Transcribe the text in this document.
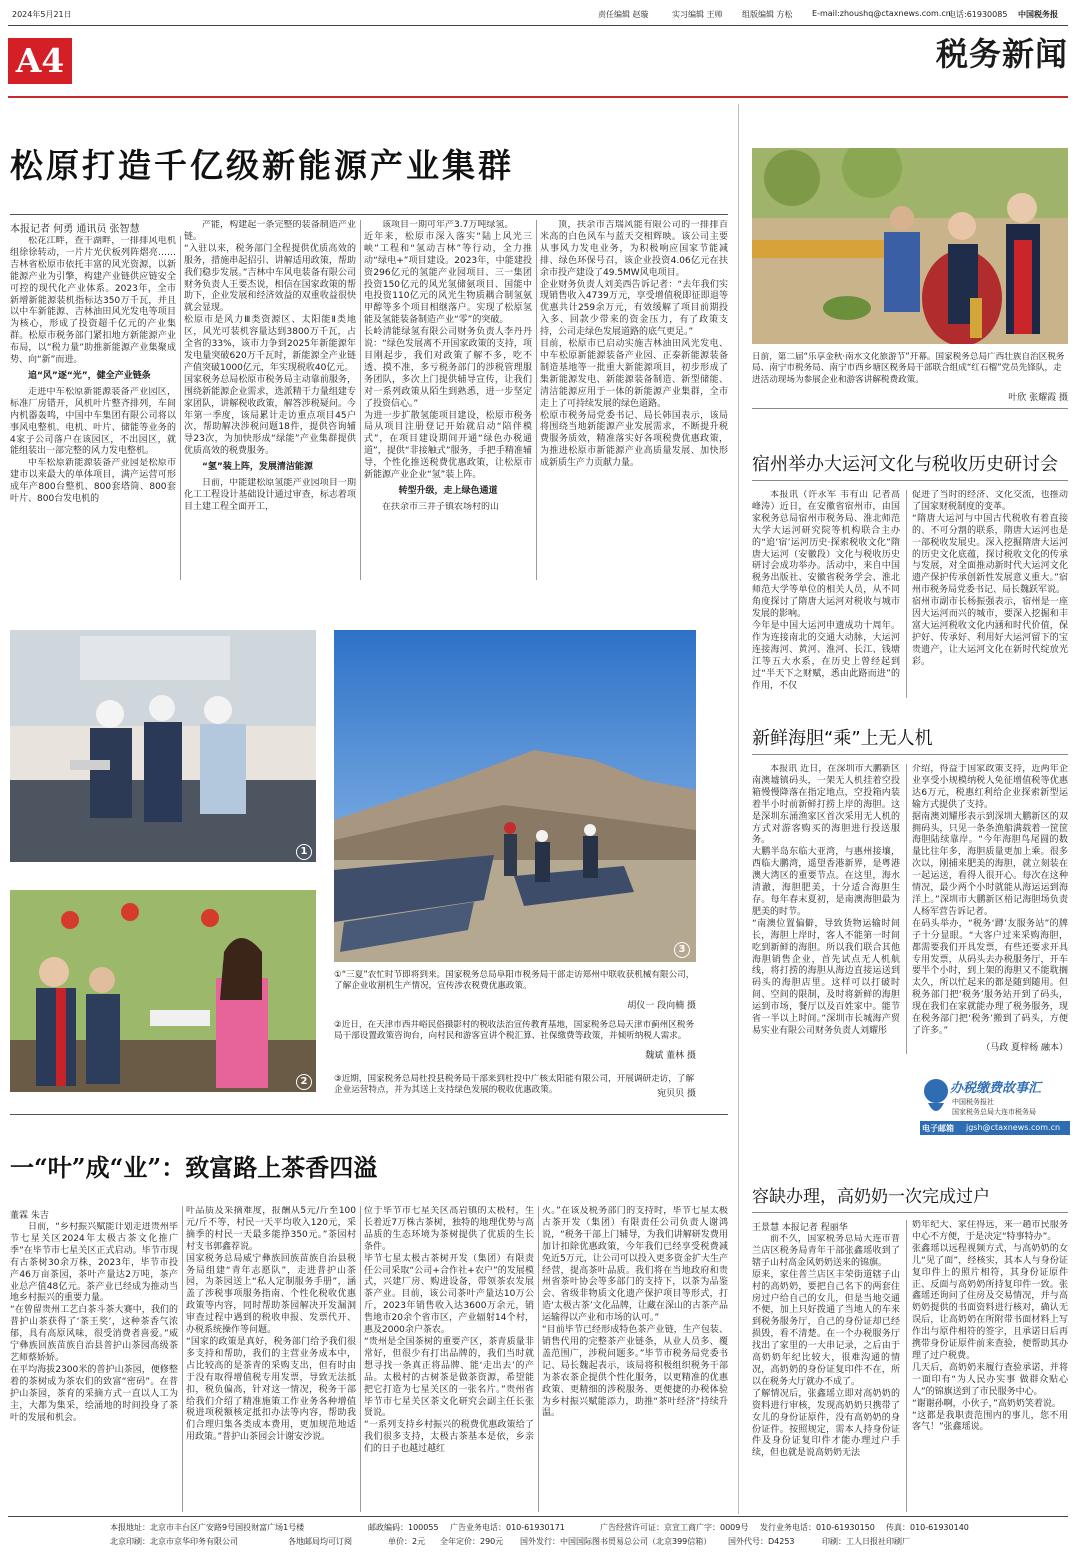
2024年5月21日	责任编辑 赵璇	实习编辑 王帅 组版编辑 方松 E-mail:zhoushq@ctaxnews.com.cn
电话:61930085 中国税务报
A4	税务新闻
松原打造千亿级新能源产业集群
本报记者 何勇 通讯员 张智慧
松花江畔，查干湖畔，一排排风电机组徐徐转动，一片片光伏板列阵熠亮……吉林省松原市依托丰富的风光资源，以新能源产业为引擎，构建产业链供应链安全可控的现代化产业体系。2023年，全市新增新能源装机指标达350万千瓦，并且以中车新能源、吉林油田风光发电等项目为核心，形成了投资超千亿元的产业集群。松原市税务部门紧扣地方新能源产业布局，以“税力量”助推新能源产业集聚成势、向“新”而进。
追“风”逐“光”，健全产业链条
走进中车松原新能源装备产业园区，标准厂房错开，风机叶片整齐排列，车间内机器轰鸣，中国中车集团有限公司将以事风电整机、电机、叶片、储能等业务的4家子公司落户在该园区，不出园区，就能组装出一部完整的风力发电整机。
中车松原新能源装备产业园是松原市建市以来最大的单体项目，满产运营可形成年产800台整机、800套塔筒、800套叶片、800台发电机的
产能，构建起一条完整的装备制造产业链。
“入驻以来，税务部门全程提供优质高效的服务，措施串起招引、讲解适用政策，帮助我们稳步发展。”吉林中车风电装备有限公司财务负责人王要杰说，相信在国家政策的帮助下，企业发展和经济效益的双重收益很快就会显现。
松原市是风力Ⅲ类资源区、太阳能Ⅱ类地区，风光可装机容量达到3800万千瓦，占全省的33%，该市力争到2025年新能源年发电量突破620万千瓦时，新能源全产业链产值突破1000亿元，年实现税收40亿元。
国家税务总局松原市税务局主动靠前服务，围绕新能源企业需求，选派精干力量组建专家团队，讲解税收政策，解答涉税疑问。今年第一季度，该局累计走访重点项目45户次，帮助解决涉税问题18件，提供咨询辅导23次，为加快形成“绿能”产业集群提供优质高效的税费服务。
“氢”装上阵，发展清洁能源
日前，中能建松原氢能产业园项目一期化工工程设计基础设计通过审查，标志着项目土建工程全面开工，
该项目一期可年产3.7万吨绿氢。
近年来，松原市深入落实“陆上风光三峡”工程和“氢动吉林”等行动，全力推动“绿电+”项目建设。2023年，中能建投资296亿元的氢能产业园项目、三一集团投资150亿元的风光氢储氨项目、国能中电投资110亿元的风光生物质耦合制氢氨甲醇等多个项目相继落户。实现了松原氢能及氢能装备制造产业“零”的突破。
长岭清能绿氢有限公司财务负责人李丹丹说：“绿色发展离不开国家政策的支持，项目刚起步，我们对政策了解不多，吃不透、摸不准，多亏税务部门的涉税管理服务团队，多次上门提供辅导宣传，让我们对一系列政策从陌生到熟悉，进一步坚定了投资信心。”
为进一步扩散氢能项目建设，松原市税务局从项目注册登记开始就启动“陪伴模式”，在项目建设期间开通“绿色办税通道”，提供“非接触式”服务，手把手精准辅导，个性化推送税费优惠政策，让松原市新能源产业企业“氢”装上阵。
转型升级，走上绿色通道
在扶余市三井子镇农场村的山
顶，扶余市吉瑞风能有限公司的一排排百米高的白色风车与蓝天交相辉映。该公司主要从事风力发电业务，为积极响应国家节能减排、绿色环保号召，该企业投资4.06亿元在扶余市投产建设了49.5MW风电项目。
企业财务负责人刘美西告诉记者：“去年我们实现销售收入4739万元，享受增值税即征即退等优惠共计259余万元，有效缓解了项目前期投入多、回款少带来的资金压力，有了政策支持，公司走绿色发展道路的底气更足。”
目前，松原市已启动实施吉林油田风光发电、中车松原新能源装备产业园、正泰新能源装备制造基地等一批重大新能源项目，初步形成了集新能源发电、新能源装备制造、新型储能、清洁能源应用于一体的新能源产业集群，全市走上了可持续发展的绿色道路。
松原市税务局党委书记、局长韩国表示，该局将围绕当地新能源产业发展需求，不断提升税费服务质效，精准落实好各项税费优惠政策，为推进松原市新能源产业高质量发展、加快形成新质生产力贡献力量。
日前，第二届“乐享金秋·南水文化旅游节”开幕。国家税务总局广西壮族自治区税务局、南宁市税务局、南宁市西乡塘区税务局干部联合组成“红石榴”党员先锋队，走进活动现场为参展企业和游客讲解税费政策。
叶欣 张耀霞 摄
宿州举办大运河文化与税收历史研讨会
本报讯（许永军 韦有山 记者高峰涛）近日，在安徽省宿州市，由国家税务总局宿州市税务局、淮北师范大学大运河研究院等机构联合主办的“追‘宿’运河历史·探索税收文化”隋唐大运河（安徽段）文化与税收历史研讨会成功举办。活动中，来自中国税务出版社、安徽省税务学会、淮北师范大学等单位的相关人员，从不同角度探讨了隋唐大运河对税收与城市发展的影响。
今年是中国大运河申遗成功十周年。作为连接南北的交通大动脉，大运河连接海河、黄河、淮河、长江、钱塘江等五大水系，在历史上曾经起到过“半天下之财赋，悉由此路而进”的作用，不仅
促进了当时的经济、文化交流，也推动了国家财税制度的变革。
“隋唐大运河与中国古代税收有着直接的、不可分割的联系，隋唐大运河也是一部税收发展史。深入挖掘隋唐大运河的历史文化底蕴，探讨税收文化的传承与发展，对全面推动新时代大运河文化遗产保护传承创新性发展意义重大。”宿州市税务局党委书记、局长魏跃军说。
宿州市副市长杨振强表示，宿州是一座因大运河而兴的城市，要深入挖掘和丰富大运河税收文化内涵和时代价值，保护好、传承好、利用好大运河留下的宝贵遗产，让大运河文化在新时代绽放光彩。
新鲜海胆“乘”上无人机
本报讯 近日，在深圳市大鹏新区南澳墟镇码头，一架无人机挂着空投箱慢慢降落在指定地点，空投箱内装着半小时前新鲜打捞上岸的海胆。这是深圳东涌渔家区首次采用无人机的方式对游客购买的海胆进行投送服务。
大鹏半岛东临大亚湾，与惠州接壤，西临大鹏湾，遥望香港新界，是粤港澳大湾区的重要节点。在这里，海水清澈，海胆肥美，十分适合海胆生存。每年春末夏初，是南澳海胆最为肥美的时节。
“南澳位置偏僻，导致货物运输时间长，海胆上岸时，客人不能第一时间吃到新鲜的海胆。所以我们联合其他海胆销售企业，首先试点无人机航线，将打捞的海胆从海边直接运送到码头的海胆店里。这样可以打破时间、空间的限制，及时将新鲜的海胆运到市场，餐厅以及百姓家中。能节省一半以上时间。”深圳市长城海产贸易实业有限公司财务负责人刘耀彤
介绍，得益于国家政策支持，近两年企业享受小规模纳税人免征增值税等优惠达6万元，税惠红利给企业探索新型运输方式提供了支持。
据南澳刘耀彤表示到深圳大鹏新区的双拥码头，只见一条条渔船满载着一筐筐海胆陆续靠岸。“今年海胆鸟尾圆的数量比往年多，海胆质量更加上乘。很多次以，刚捕来肥美的海胆，就立刻装在一起运送，看得人很开心。每次在这种情况，最少两个小时就能从海运运到海洋上。”深圳市大鹏新区梧记海胆场负责人杨军营告诉记者。
在码头举办，“税务‘蹲’友服务站”的牌子十分显眼。“大客户过来采购海胆，都需要我们开具发票，有些还要求开具专用发票，从码头去办税服务厅，开车要半个小时，到上架的海胆又不能耽搁太久，所以忙起来的都是随到随用。但税务部门把‘税务’服务站开到了码头，现在我们在家就能办理了税务服务，现在税务部门把‘税务’搬到了码头，方便了许多。”
（马政 夏梓杨 融本）
办税缴费故事汇
中国税务报社
国家税务总局大连市税务局
电子邮箱 jgsh@ctaxnews.com.cn
容缺办理，高奶奶一次完成过户
王景慧 本报记者 程丽华
前不久，国家税务总局大连市普兰店区税务局青年干部张鑫瑶收到了辖子山村高金风奶奶送来的锦旗。
原来，家住普兰店区丰荣街道辖子山村的高奶奶，要把自己名下的两套住房过户给自己的女儿，但是当地交通不便，加上只好拨通了当地人的车来到税务服务厅，自己的身份证却已经损毁，看不清楚。在一个办税服务厅找出了家里的一大串记录，之后由于高奶奶年纪比较大，很难沟通的情况，高奶奶的身份证复印件不在，所以在税务大厅就办不成了。
了解情况后，张鑫瑶立即对高奶奶的资料进行审核，发现高奶奶只携带了女儿的身份证原件，没有高奶奶的身份证件。按照规定，需本人持身份证件及身份证复印件才能办理过户手续，但也就是说高奶奶无法
奶年纪大、家住得远，来一趟市民服务中心不方便，于是决定“特事特办”。
张鑫瑶以远程视频方式，与高奶奶的女儿“见了面”，经核实，其本人与身份证复印件上的照片相符，其身份证原件正、反面与高奶奶所持复印件一致。张鑫瑶还询问了住房及交易情况，并与高奶奶提供的书面资料进行核对，确认无误后，让高奶奶在所附带书面材料上写作出与原件相符的签字，且承诺日后再携带身份证原件前来查验，便帮助其办理了过户税费。
几天后，高奶奶来履行查验承诺，并将一面印有“为人民办实事 做群众贴心人”的锦旗送到了市民服务中心。
“谢谢孙啊，小伙子，”高奶奶笑着说。
“这都是我职责范围内的事儿，您不用客气！”张鑫瑶说。
1
2
3
①“三夏”农忙时节即将到来。国家税务总局阜阳市税务局干部走访郑州中联收获机械有限公司，了解企业收割机生产情况，宣传涉农税费优惠政策。
胡仪一 段向楠 摄
②近日，在天津市西井峪民俗摄影村的税收法治宣传教育基地，国家税务总局天津市蓟州区税务局干部设置政策咨询台，向村民和游客宣讲个税汇算、社保缴费等政策，并倾听纳税人需求。
魏斌 董林 摄
③近期，国家税务总局杜投县税务局干部来到杜投中广核太阳能有限公司，开展调研走访，了解企业运营特点，并为其送上支持绿色发展的税收优惠政策。	宛贝贝 摄
一“叶”成“业”：致富路上茶香四溢
董霖 朱吉
日前，“乡村振兴赋能计划走进贵州毕节七星关区2024年太极古茶文化推广季”在毕节市七星关区正式启动。毕节市现有古茶树30余万株，2023年，毕节市投产46万亩茶园，茶叶产量达2万吨，茶产业总产值48亿元。茶产业已经成为推动当地乡村振兴的重要力量。
“在曾留贵州工艺白茶斗茶大赛中，我们的普护山茶获得了‘茶王奖’，这种茶香气浓郁，具有高原风味，很受消费者喜爱。”威宁彝族回族苗族自治县普护山茶园高级茶艺师蔡娇娇。
在平均海拔2300米的普护山茶园，便修整着的茶树成为茶农们的致富“密码”。在普护山茶园，茶育的采摘方式一直以人工为主，大都为集采，绘涌地的时间投身了茶叶的发展和机会。
叶品质及采摘难度，报酬从5元/斤至100元/斤不等，村民一天平均收入120元，采摘季的村民一天最多能挣350元。”茶园村村支书郭鑫荐说。
国家税务总局威宁彝族回族苗族自治县税务局组建“青年志愿队”，走进普护山茶园，为茶园送上“私人定制服务手册”，涵盖了涉税事项服务指南、个性化税收优惠政策等内容，同时帮助茶园解决开发漏洞审查过程中遇到的税收申报、发票代开、办税系统操作等问题。
“国家的政策是真好，税务部门给予我们很多支持和帮助，我们的主营业务成本中，占比较高的是茶青的采购支出，但有时由于没有取得增值税专用发票，导致无法抵扣，税负偏高，针对这一情况，税务干部给我们介绍了精准施策工作业务各种增值税进项税额核定抵扣办法等内容，帮助我们合理归集各类成本费用，更加规范地适用政策。”普护山茶园会计谢安沙说。
位于毕节市七星关区高岩镇的太极村，生长着近7万株古茶树，独特的地理优势与高品质的生态环境为茶树提供了优质的生长条件。
毕节七星太极古茶树开发（集团）有限责任公司采取“公司+合作社+农户”的发展模式，兴建厂房、购进设备，带领茶农发展茶产业。目前，该公司茶叶产量达10万公斤，2023年销售收入达3600万余元，销售地市20余个省市区，产业辐射14个村，惠及2000余户茶农。
“贵州是全国茶树的重要产区，茶青质量非常好，但很少有打出品牌的，我们当时就想寻找一条真正将品牌、能‘走出去’的产品。太极村的古树茶是做茶资源，希望能把它打造为七星关区的一张名片。”贵州省毕节市七星关区茶文化研究会副主任长张贤说。
“一系列支持乡村振兴的税费优惠政策给了我们很多支持，太极古茶基本是依，乡亲们的日子也越过越红
火。”在该及税务部门的支持时，毕节七星太极古茶开发（集团）有限责任公司负责人谢鸿说，“税务干部上门辅导，为我们讲解研发费用加计扣除优惠政策，今年我们已经享受税费减免近5万元，让公司可以投入更多资金扩大生产经营，提高茶叶品质。我们将在当地政府和贵州省茶叶协会等多部门的支持下，以茶为品鉴会、省级非物质文化遗产保护项目等形式，打造‘太极古茶’文化品牌，让藏在深山的古茶产品运输得以产业和市场的认可。”
“目前毕节已经形成特色茶产业链，生产包装、销售代用的完整茶产业链条，从业人员多、覆盖范围广，涉税问题多。”毕节市税务局党委书记、局长魏起表示，该局将积极组织税务干部为茶农茶企提供个性化服务，以更精准的优惠政策、更精细的涉税服务、更便捷的办税体验为乡村振兴赋能添力，助推“茶叶经济”持续升温。
本报地址：北京市丰台区广安路9号国投财富广场1号楼	邮政编码：100055 广告业务电话：010-61930171	广告经营许可证：京宣工商广字：0009号 发行业务电话：010-61930150 传真：010-61930140
北京印刷：北京市京华印务有限公司	各地邮局均可订阅	单价：2元 全年定价：290元 国外发行：中国国际图书贸易总公司（北京399信箱） 国外代号：D4253	印刷：工人日报社印刷厂
